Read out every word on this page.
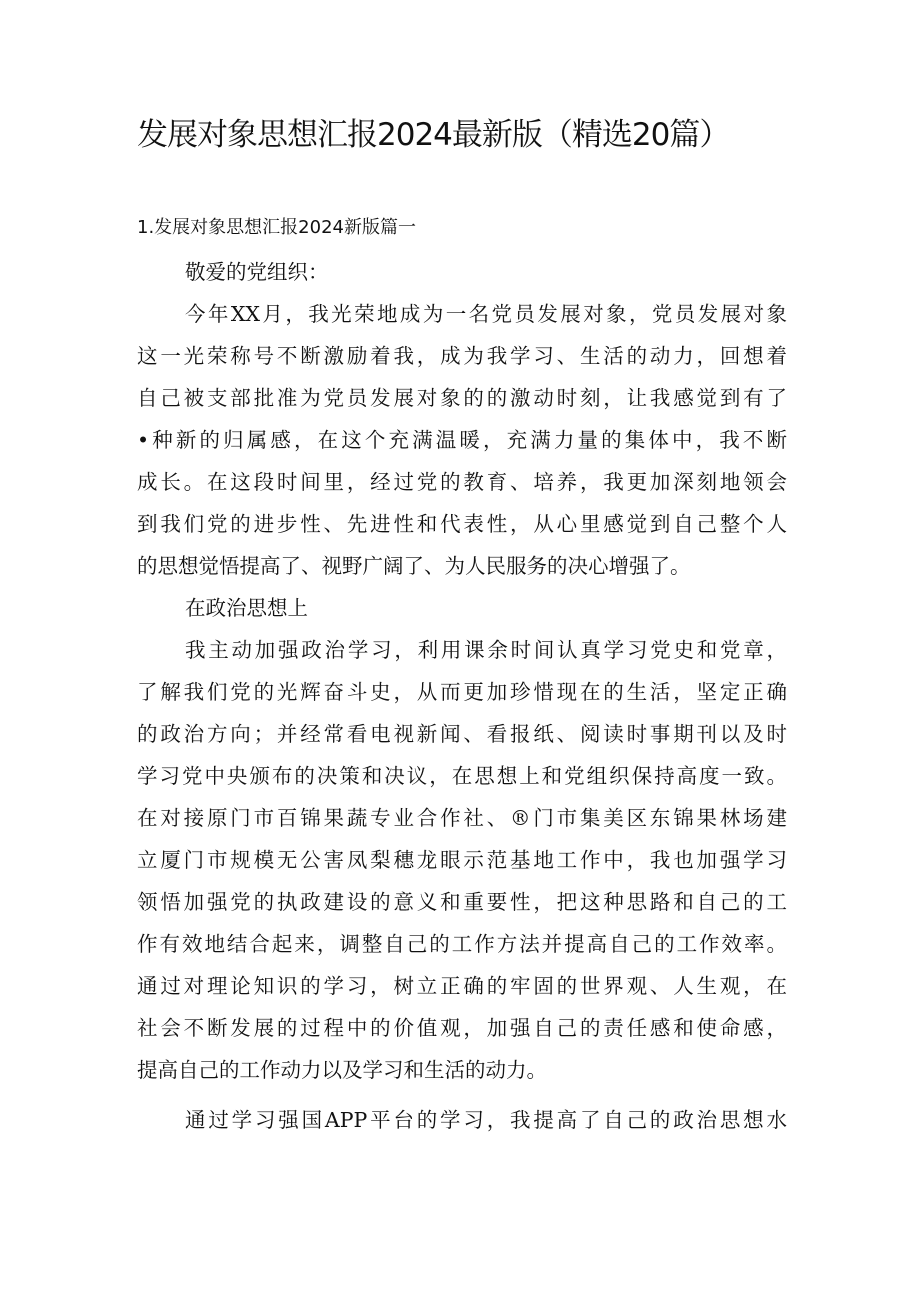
发展对象思想汇报2024最新版（精选20篇）
1.发展对象思想汇报2024新版篇一

敬爱的党组织：

今年XX月，我光荣地成为一名党员发展对象，党员发展对象
这一光荣称号不断激励着我，成为我学习、生活的动力，回想着
自己被支部批准为党员发展对象的的激动时刻，让我感觉到有了
•种新的归属感，在这个充满温暖，充满力量的集体中，我不断
成长。在这段时间里，经过党的教育、培养，我更加深刻地领会
到我们党的进步性、先进性和代表性，从心里感觉到自己整个人
的思想觉悟提高了、视野广阔了、为人民服务的决心增强了。

在政治思想上

我主动加强政治学习，利用课余时间认真学习党史和党章，
了解我们党的光辉奋斗史，从而更加珍惜现在的生活，坚定正确
的政治方向；并经常看电视新闻、看报纸、阅读时事期刊以及时
学习党中央颁布的决策和决议，在思想上和党组织保持高度一致。
在对接原门市百锦果蔬专业合作社、®门市集美区东锦果林场建
立厦门市规模无公害凤梨穗龙眼示范基地工作中，我也加强学习
领悟加强党的执政建设的意义和重要性，把这种思路和自己的工
作有效地结合起来，调整自己的工作方法并提高自己的工作效率。
通过对理论知识的学习，树立正确的牢固的世界观、人生观，在
社会不断发展的过程中的价值观，加强自己的责任感和使命感，
提高自己的工作动力以及学习和生活的动力。

通过学习强国APP平台的学习，我提高了自己的政治思想水
